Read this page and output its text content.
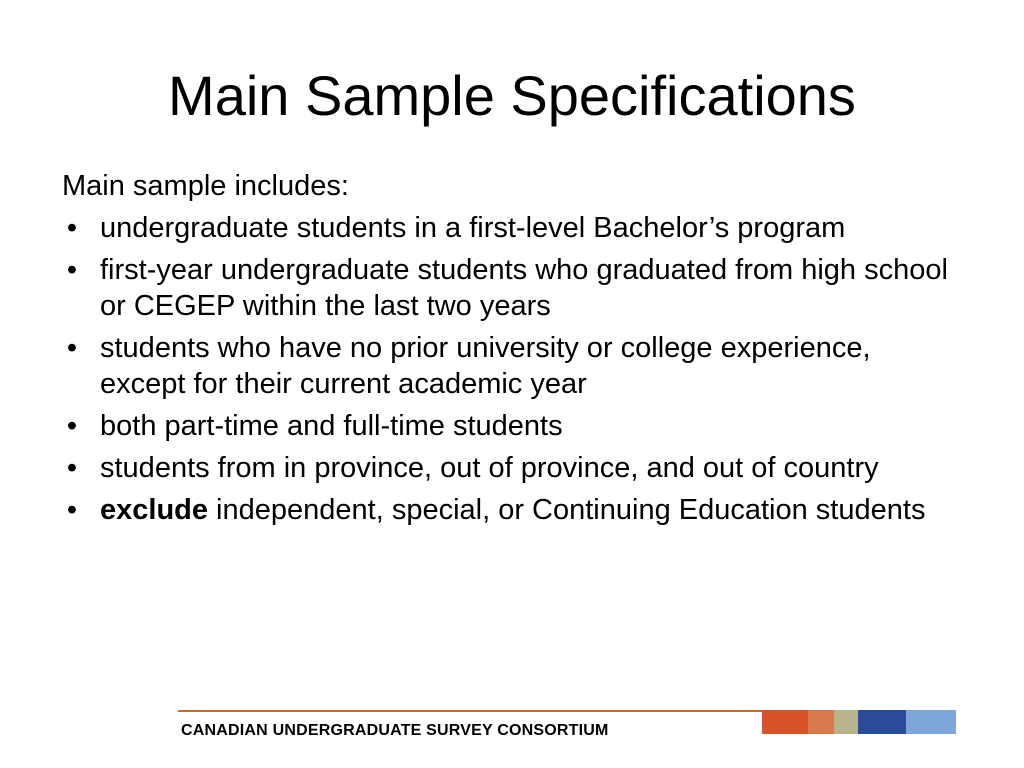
Main Sample Specifications

Main sample includes:

• undergraduate students in a first-level Bachelor’s program
• first-year undergraduate students who graduated from high school or CEGEP within the last two years
• students who have no prior university or college experience, except for their current academic year
• both part-time and full-time students
• students from in province, out of province, and out of country
• exclude independent, special, or Continuing Education students
CANADIAN UNDERGRADUATE SURVEY CONSORTIUM
